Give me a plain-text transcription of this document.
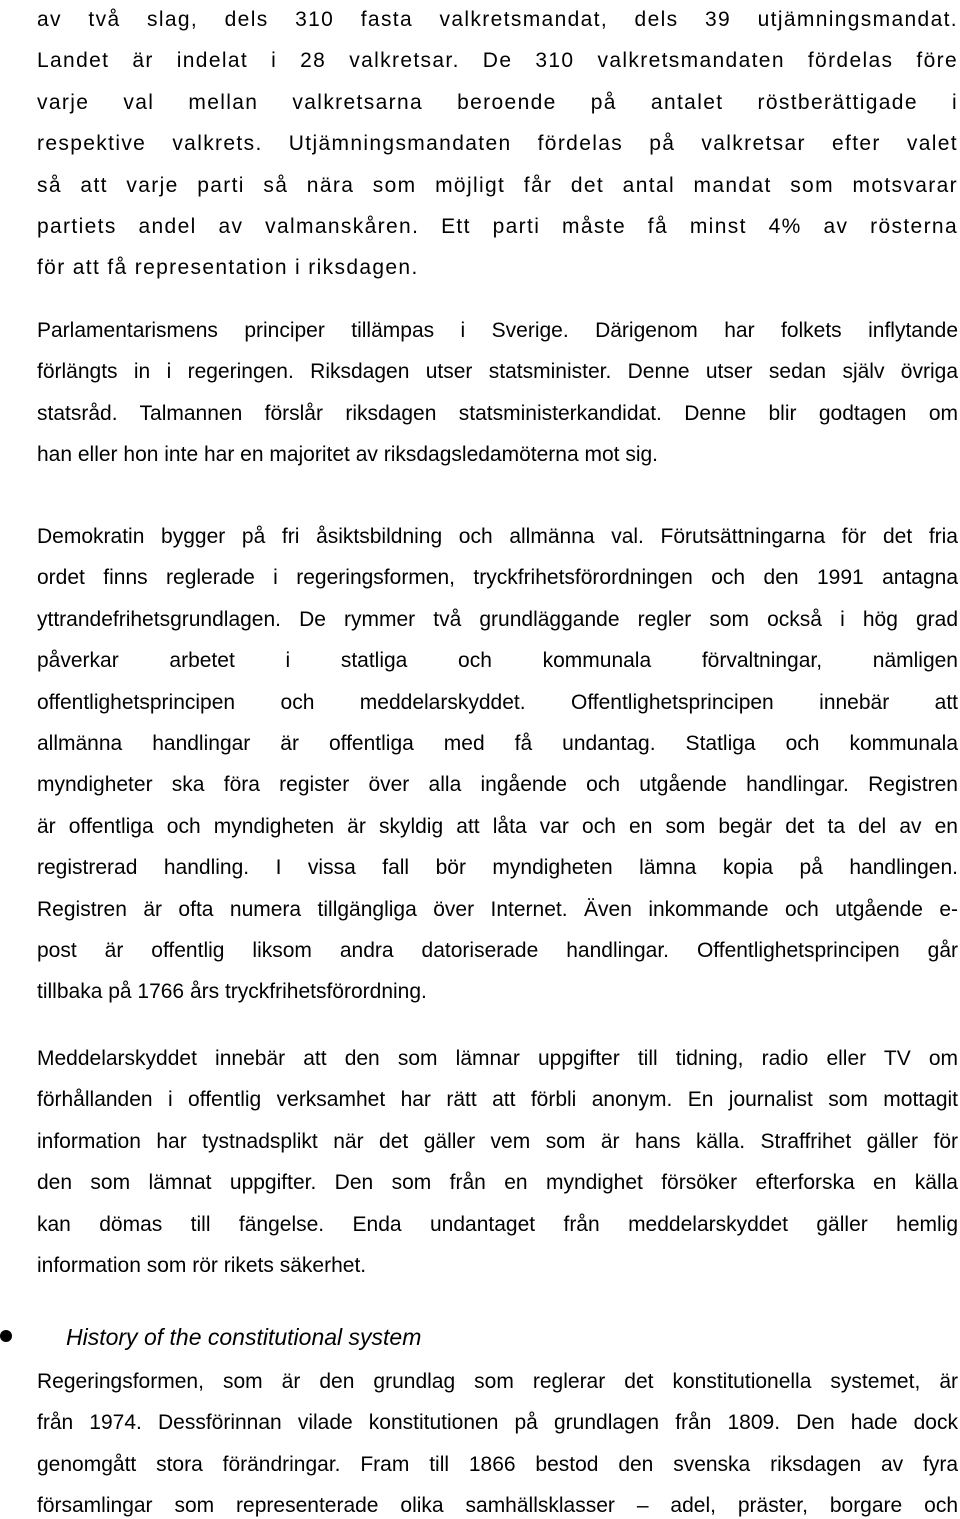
av två slag, dels 310 fasta valkretsmandat, dels 39 utjämningsmandat.
Landet är indelat i 28 valkretsar. De 310 valkretsmandaten fördelas före
varje val mellan valkretsarna beroende på antalet röstberättigade i
respektive valkrets. Utjämningsmandaten fördelas på valkretsar efter valet
så att varje parti så nära som möjligt får det antal mandat som motsvarar
partiets andel av valmanskåren. Ett parti måste få minst 4% av rösterna
för att få representation i riksdagen.
Parlamentarismens principer tillämpas i Sverige. Därigenom har folkets inflytande
förlängts in i regeringen. Riksdagen utser statsminister. Denne utser sedan själv övriga
statsråd. Talmannen förslår riksdagen statsministerkandidat. Denne blir godtagen om
han eller hon inte har en majoritet av riksdagsledamöterna mot sig.
Demokratin bygger på fri åsiktsbildning och allmänna val. Förutsättningarna för det fria
ordet finns reglerade i regeringsformen, tryckfrihetsförordningen och den 1991 antagna
yttrandefrihetsgrundlagen. De rymmer två grundläggande regler som också i hög grad
påverkar arbetet i statliga och kommunala förvaltningar, nämligen
offentlighetsprincipen och meddelarskyddet. Offentlighetsprincipen innebär att
allmänna handlingar är offentliga med få undantag. Statliga och kommunala
myndigheter ska föra register över alla ingående och utgående handlingar. Registren
är offentliga och myndigheten är skyldig att låta var och en som begär det ta del av en
registrerad handling. I vissa fall bör myndigheten lämna kopia på handlingen.
Registren är ofta numera tillgängliga över Internet. Även inkommande och utgående e-
post är offentlig liksom andra datoriserade handlingar. Offentlighetsprincipen går
tillbaka på 1766 års tryckfrihetsförordning.
Meddelarskyddet innebär att den som lämnar uppgifter till tidning, radio eller TV om
förhållanden i offentlig verksamhet har rätt att förbli anonym. En journalist som mottagit
information har tystnadsplikt när det gäller vem som är hans källa. Straffrihet gäller för
den som lämnat uppgifter. Den som från en myndighet försöker efterforska en källa
kan dömas till fängelse. Enda undantaget från meddelarskyddet gäller hemlig
information som rör rikets säkerhet.
History of the constitutional system
Regeringsformen, som är den grundlag som reglerar det konstitutionella systemet, är
från 1974. Dessförinnan vilade konstitutionen på grundlagen från 1809. Den hade dock
genomgått stora förändringar. Fram till 1866 bestod den svenska riksdagen av fyra
församlingar som representerade olika samhällsklasser – adel, präster, borgare och
